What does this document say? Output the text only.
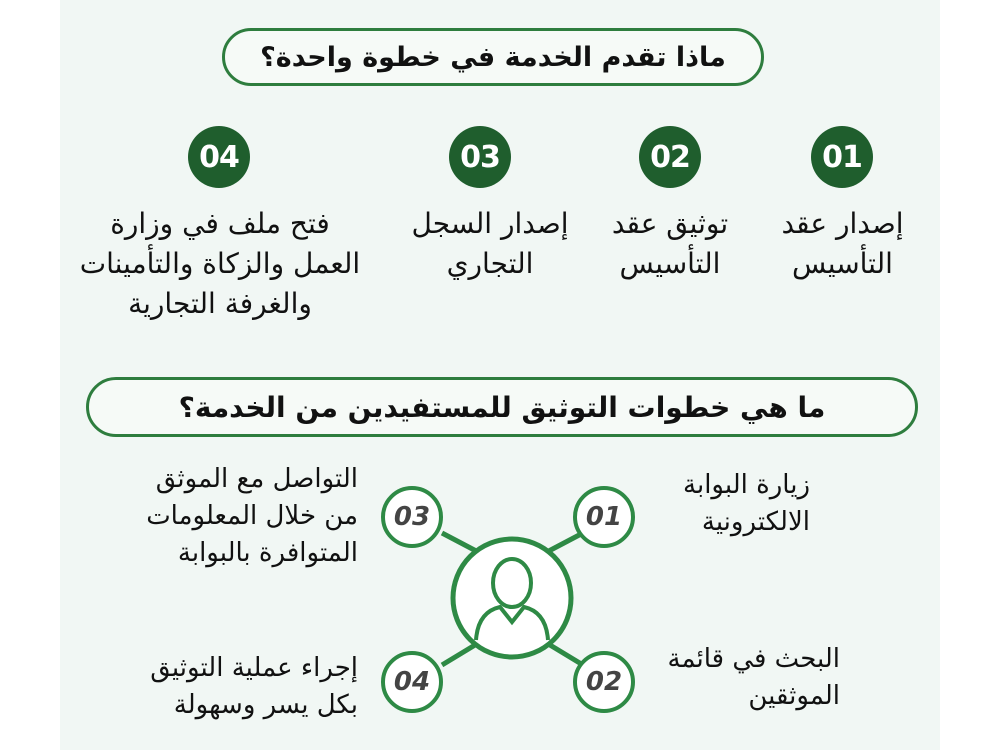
ماذا تقدم الخدمة في خطوة واحدة؟
01
02
03
04
إصدار عقد
التأسيس
توثيق عقد
التأسيس
إصدار السجل
التجاري
فتح ملف في وزارة
العمل والزكاة والتأمينات
والغرفة التجارية
ما هي خطوات التوثيق للمستفيدين من الخدمة؟
01
03
04	02
زيارة البوابة
الالكترونية
البحث في قائمة
الموثقين
التواصل مع الموثق
من خلال المعلومات
المتوافرة بالبوابة
إجراء عملية التوثيق
بكل يسر وسهولة
